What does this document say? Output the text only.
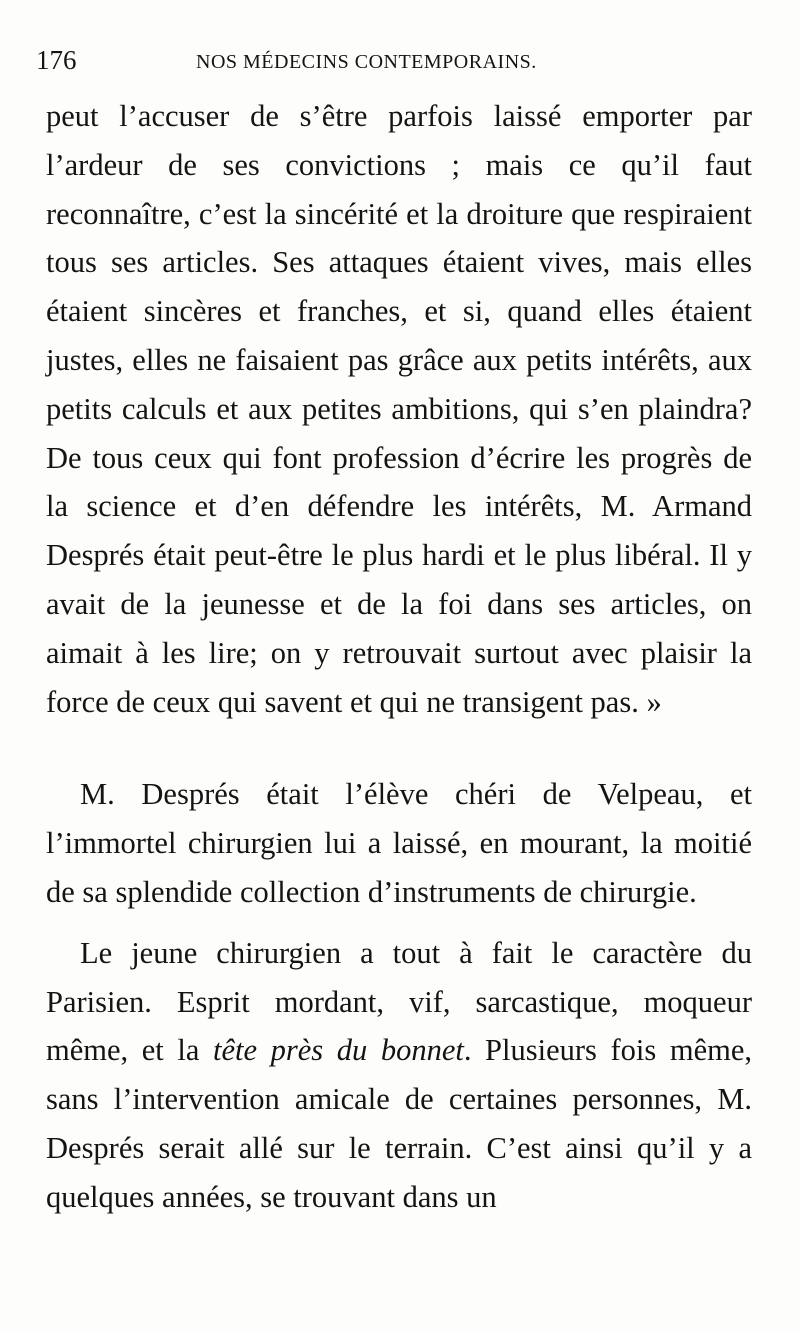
176	NOS MÉDECINS CONTEMPORAINS.

peut l’accuser de s’être parfois laissé emporter par l’ardeur de ses convictions ; mais ce qu’il faut reconnaître, c’est la sincérité et la droiture que respiraient tous ses articles. Ses attaques étaient vives, mais elles étaient sincères et franches, et si, quand elles étaient justes, elles ne faisaient pas grâce aux petits intérêts, aux petits calculs et aux petites ambitions, qui s’en plaindra? De tous ceux qui font profession d’écrire les progrès de la science et d’en défendre les intérêts, M. Armand Després était peut-être le plus hardi et le plus libéral. Il y avait de la jeunesse et de la foi dans ses articles, on aimait à les lire; on y retrouvait surtout avec plaisir la force de ceux qui savent et qui ne transigent pas. »

M. Després était l’élève chéri de Velpeau, et l’immortel chirurgien lui a laissé, en mourant, la moitié de sa splendide collection d’instruments de chirurgie.

Le jeune chirurgien a tout à fait le caractère du Parisien. Esprit mordant, vif, sarcastique, moqueur même, et la tête près du bonnet. Plusieurs fois même, sans l’intervention amicale de certaines personnes, M. Després serait allé sur le terrain. C’est ainsi qu’il y a quelques années, se trouvant dans un
